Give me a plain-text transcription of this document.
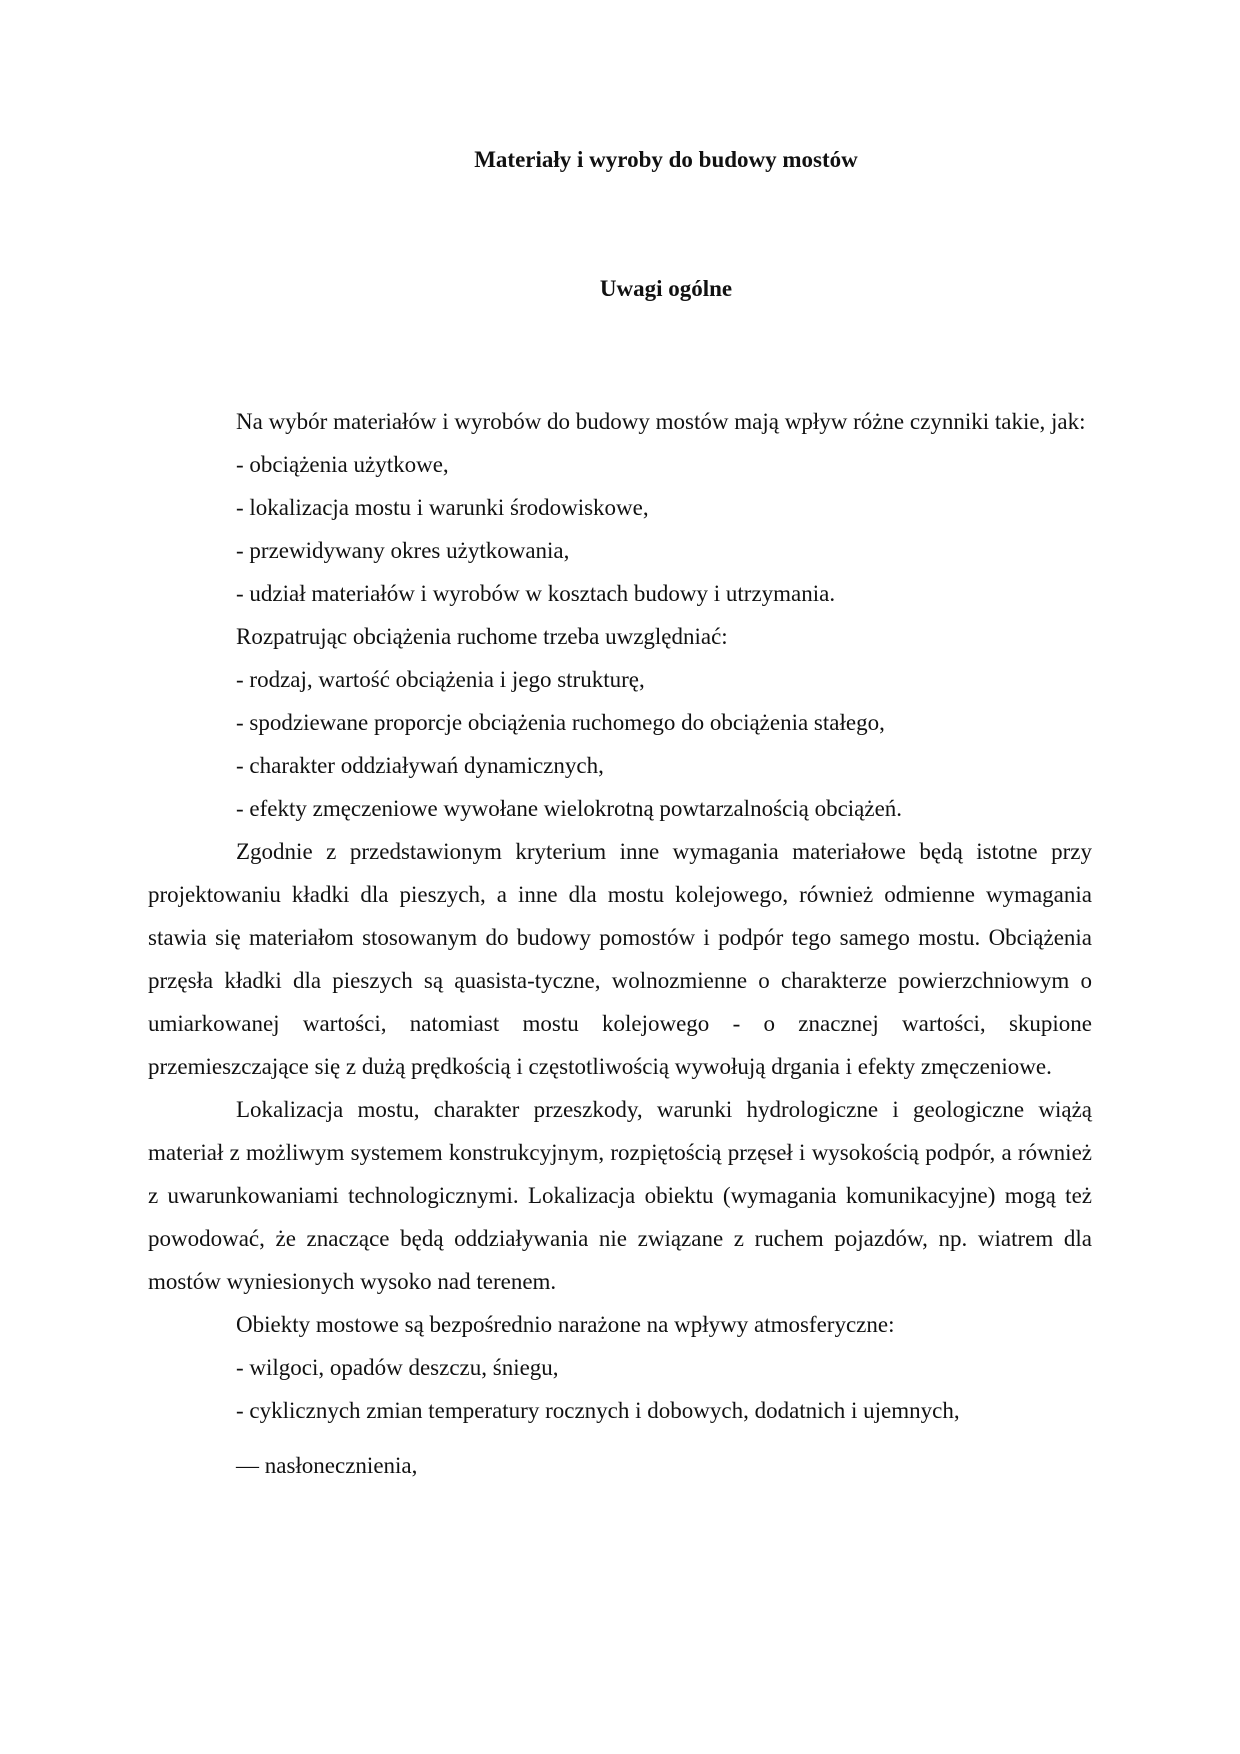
Materiały i wyroby do budowy mostów
Uwagi ogólne

Na wybór materiałów i wyrobów do budowy mostów mają wpływ różne czynniki takie, jak:

- obciążenia użytkowe,

- lokalizacja mostu i warunki środowiskowe,

- przewidywany okres użytkowania,

- udział materiałów i wyrobów w kosztach budowy i utrzymania.

Rozpatrując obciążenia ruchome trzeba uwzględniać:

- rodzaj, wartość obciążenia i jego strukturę,

- spodziewane proporcje obciążenia ruchomego do obciążenia stałego,

- charakter oddziaływań dynamicznych,

- efekty zmęczeniowe wywołane wielokrotną powtarzalnością obciążeń.

Zgodnie z przedstawionym kryterium inne wymagania materiałowe będą istotne przy projektowaniu kładki dla pieszych, a inne dla mostu kolejowego, również odmienne wymagania stawia się materiałom stosowanym do budowy pomostów i podpór tego samego mostu. Obciążenia przęsła kładki dla pieszych są ąuasista-tyczne, wolnozmienne o charakterze powierzchniowym o umiarkowanej wartości, natomiast mostu kolejowego - o znacznej wartości, skupione przemieszczające się z dużą prędkością i częstotliwością wywołują drgania i efekty zmęczeniowe.

Lokalizacja mostu, charakter przeszkody, warunki hydrologiczne i geologiczne wiążą materiał z możliwym systemem konstrukcyjnym, rozpiętością przęseł i wysokością podpór, a również z uwarunkowaniami technologicznymi. Lokalizacja obiektu (wymagania komunikacyjne) mogą też powodować, że znaczące będą oddziaływania nie związane z ruchem pojazdów, np. wiatrem dla mostów wyniesionych wysoko nad terenem.

Obiekty mostowe są bezpośrednio narażone na wpływy atmosferyczne:

- wilgoci, opadów deszczu, śniegu,

- cyklicznych zmian temperatury rocznych i dobowych, dodatnich i ujemnych,

— nasłonecznienia,
